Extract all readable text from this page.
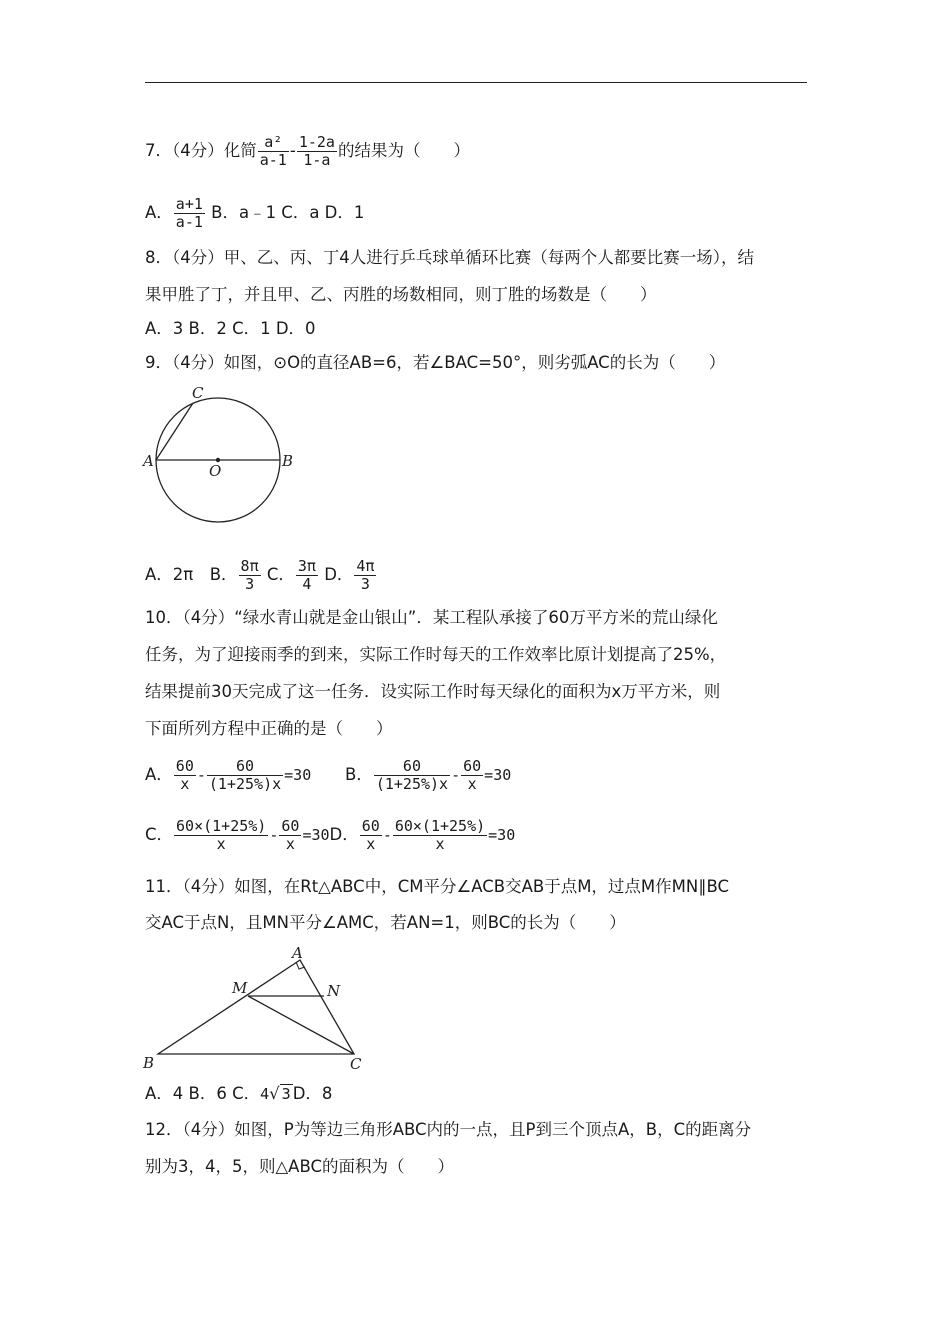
7．（4分）化简 $\frac{\text{a²}}{a-1} - \frac{1-2a}{1-a}$ 的结果为（　　）
A． $\frac{a+1}{a-1}$ B．a﹣1 C．a D．1
8．（4分）甲、乙、丙、丁4人进行乒乓球单循环比赛（每两个人都要比赛一场），结
果甲胜了丁，并且甲、乙、丙胜的场数相同，则丁胜的场数是（　　）
A．3 B．2 C．1 D．0
9．（4分）如图，⊙O的直径AB=6，若∠BAC=50°，则劣弧AC的长为（　　）
C
A	B
O
A．2π　B． $\frac{8\pi}{3}$ C． $\frac{3\pi}{4}$ D． $\frac{4\pi}{3}$
10．（4分）“绿水青山就是金山银山”．某工程队承接了60万平方米的荒山绿化
任务，为了迎接雨季的到来，实际工作时每天的工作效率比原计划提高了25%，
结果提前30天完成了这一任务．设实际工作时每天绿化的面积为x万平方米，则
下面所列方程中正确的是（　　）
A． $\frac{60}{x} - \frac{60}{(1+25\%)x} =30$ B． $\frac{60}{(1+25\%)x} - \frac{60}{x} =30$
C． $\frac{60\times(1+25\%)}{x} - \frac{60}{x} =30D$． $\frac{60}{x} - \frac{60\times(1+25\%)}{x} =30$
11．（4分）如图，在Rt△ABC中，CM平分∠ACB交AB于点M，过点M作MN∥BC
交AC于点N，且MN平分∠AMC，若AN=1，则BC的长为（　　）
A
M	N
B	C
A．4 B．6 C．4√ 3 D．8
12．（4分）如图，P为等边三角形ABC内的一点，且P到三个顶点A，B，C的距离分
别为3，4，5，则△ABC的面积为（　　）
